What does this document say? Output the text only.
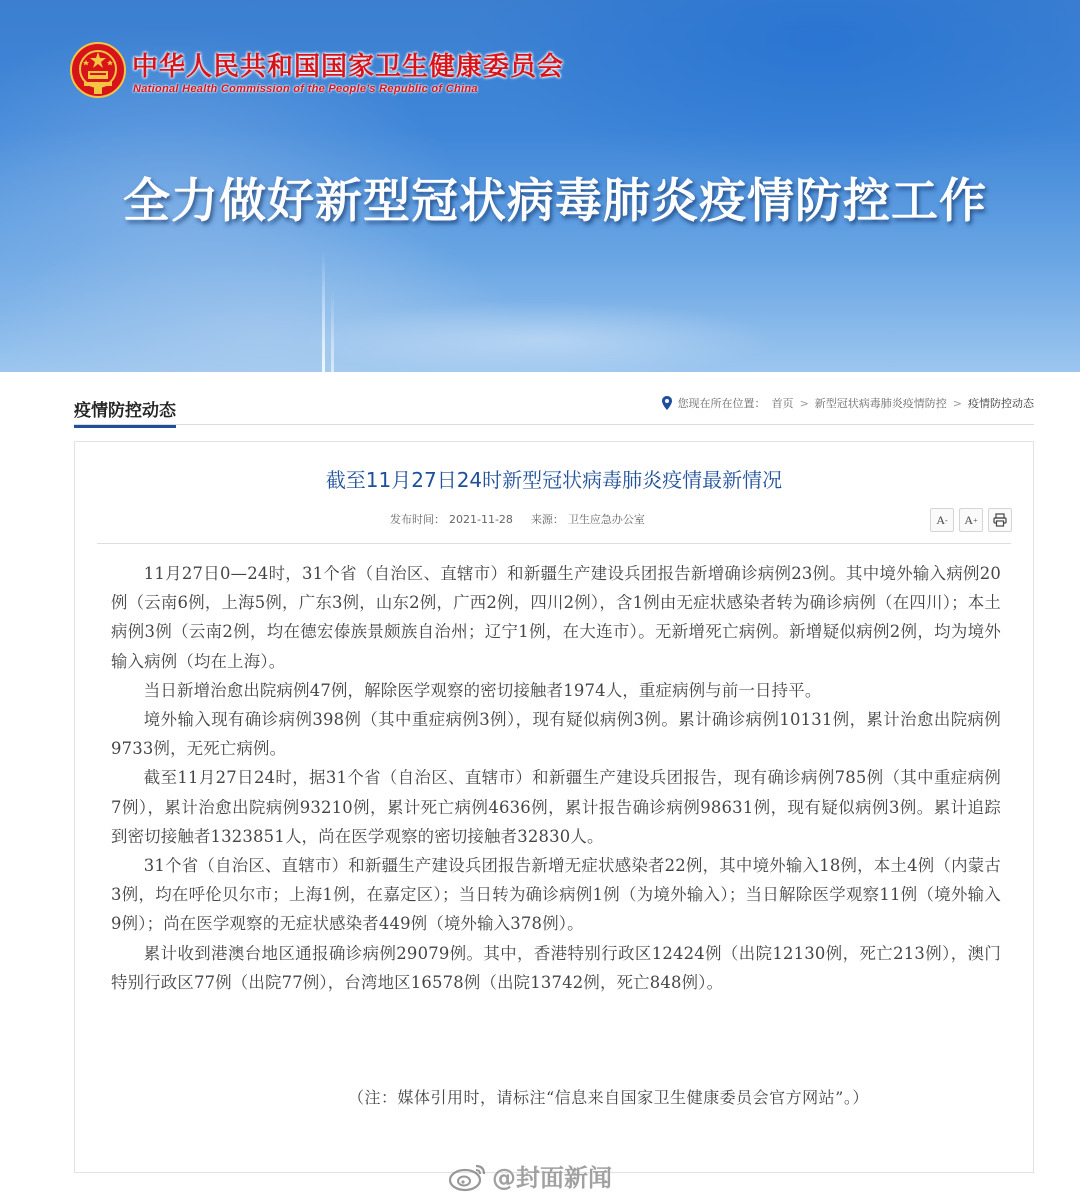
中华人民共和国国家卫生健康委员会
National Health Commission of the People’s Republic of China
全力做好新型冠状病毒肺炎疫情防控工作
疫情防控动态	您现在所在位置： 首页 > 新型冠状病毒肺炎疫情防控 > 疫情防控动态
截至11月27日24时新型冠状病毒肺炎疫情最新情况
发布时间： 2021-11-28 来源： 卫生应急办公室	A - A +

11月27日0—24时，31个省（自治区、直辖市）和新疆生产建设兵团报告新增确诊病例23例。其中境外输入病例20例（云南6例，上海5例，广东3例，山东2例，广西2例，四川2例），含1例由无症状感染者转为确诊病例（在四川）；本土病例3例（云南2例，均在德宏傣族景颇族自治州；辽宁1例，在大连市）。无新增死亡病例。新增疑似病例2例，均为境外输入病例（均在上海）。

当日新增治愈出院病例47例，解除医学观察的密切接触者1974人，重症病例与前一日持平。

境外输入现有确诊病例398例（其中重症病例3例），现有疑似病例3例。累计确诊病例10131例，累计治愈出院病例9733例，无死亡病例。

截至11月27日24时，据31个省（自治区、直辖市）和新疆生产建设兵团报告，现有确诊病例785例（其中重症病例7例），累计治愈出院病例93210例，累计死亡病例4636例，累计报告确诊病例98631例，现有疑似病例3例。累计追踪到密切接触者1323851人，尚在医学观察的密切接触者32830人。

31个省（自治区、直辖市）和新疆生产建设兵团报告新增无症状感染者22例，其中境外输入18例，本土4例（内蒙古3例，均在呼伦贝尔市；上海1例，在嘉定区）；当日转为确诊病例1例（为境外输入）；当日解除医学观察11例（境外输入9例）；尚在医学观察的无症状感染者449例（境外输入378例）。

累计收到港澳台地区通报确诊病例29079例。其中，香港特别行政区12424例（出院12130例，死亡213例），澳门特别行政区77例（出院77例），台湾地区16578例（出院13742例，死亡848例）。

（注：媒体引用时，请标注“信息来自国家卫生健康委员会官方网站”。）
@封面新闻
